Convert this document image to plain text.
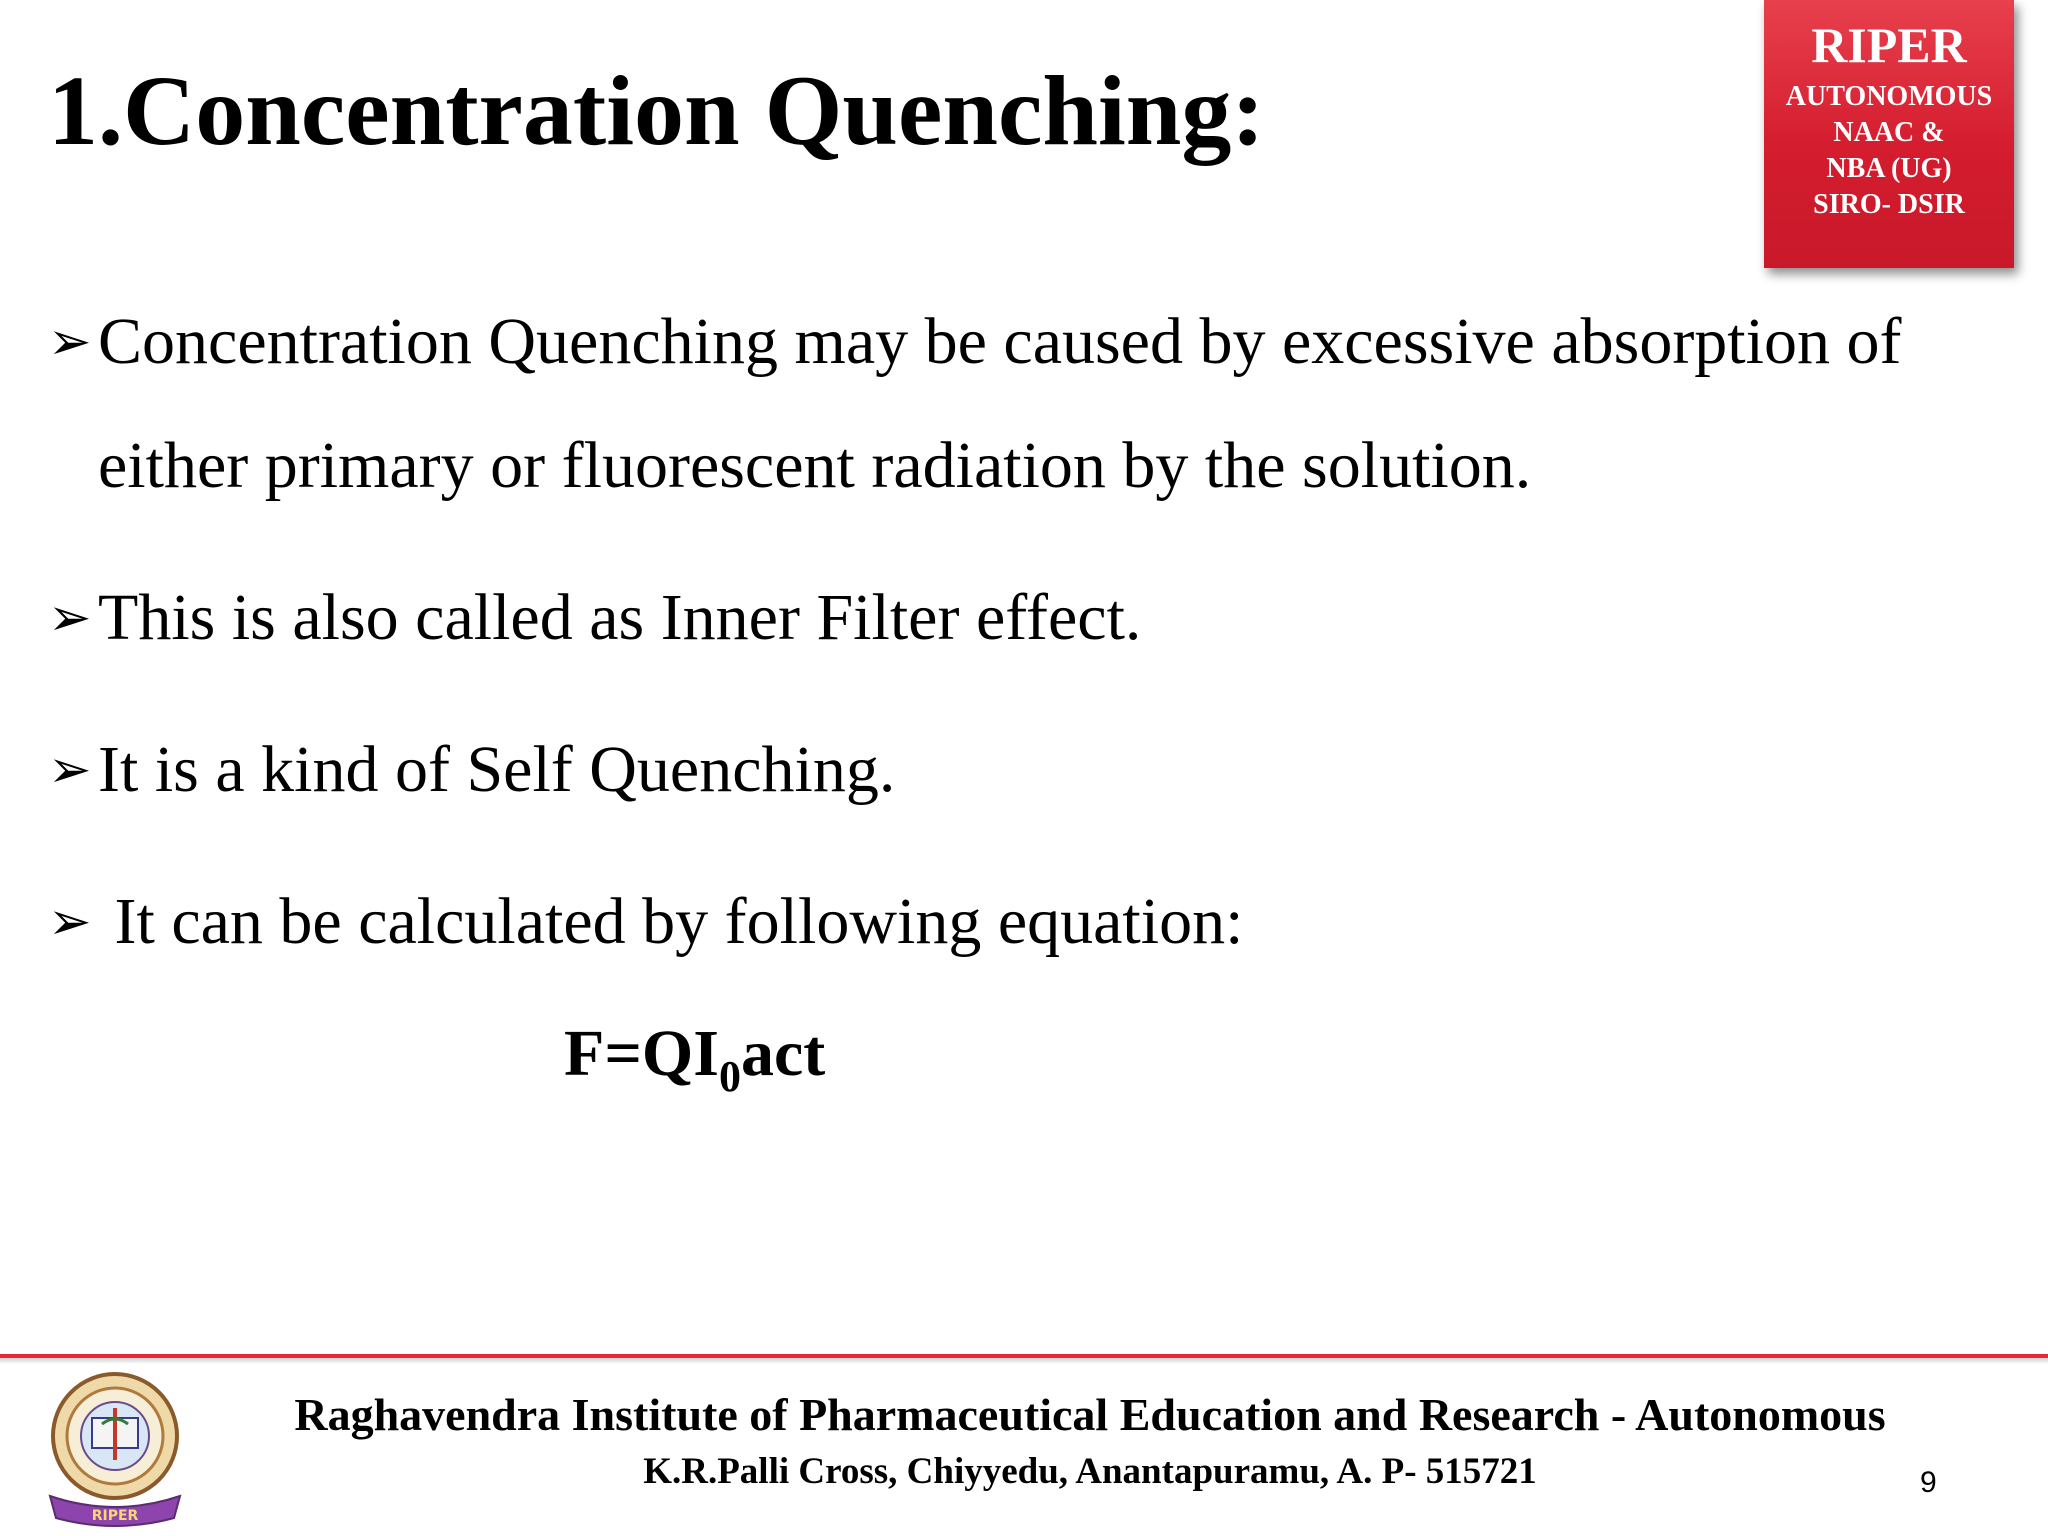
1.Concentration Quenching:
RIPER
AUTONOMOUS
NAAC &
NBA (UG)
SIRO- DSIR
➢ Concentration Quenching may be caused by excessive absorption of either primary or fluorescent radiation by the solution.
➢ This is also called as Inner Filter effect.
➢ It is a kind of Self Quenching.
➢ It can be calculated by following equation:
$F=QI_0act$
RIPER
Raghavendra Institute of Pharmaceutical Education and Research - Autonomous
K.R.Palli Cross, Chiyyedu, Anantapuramu, A. P- 515721	9
